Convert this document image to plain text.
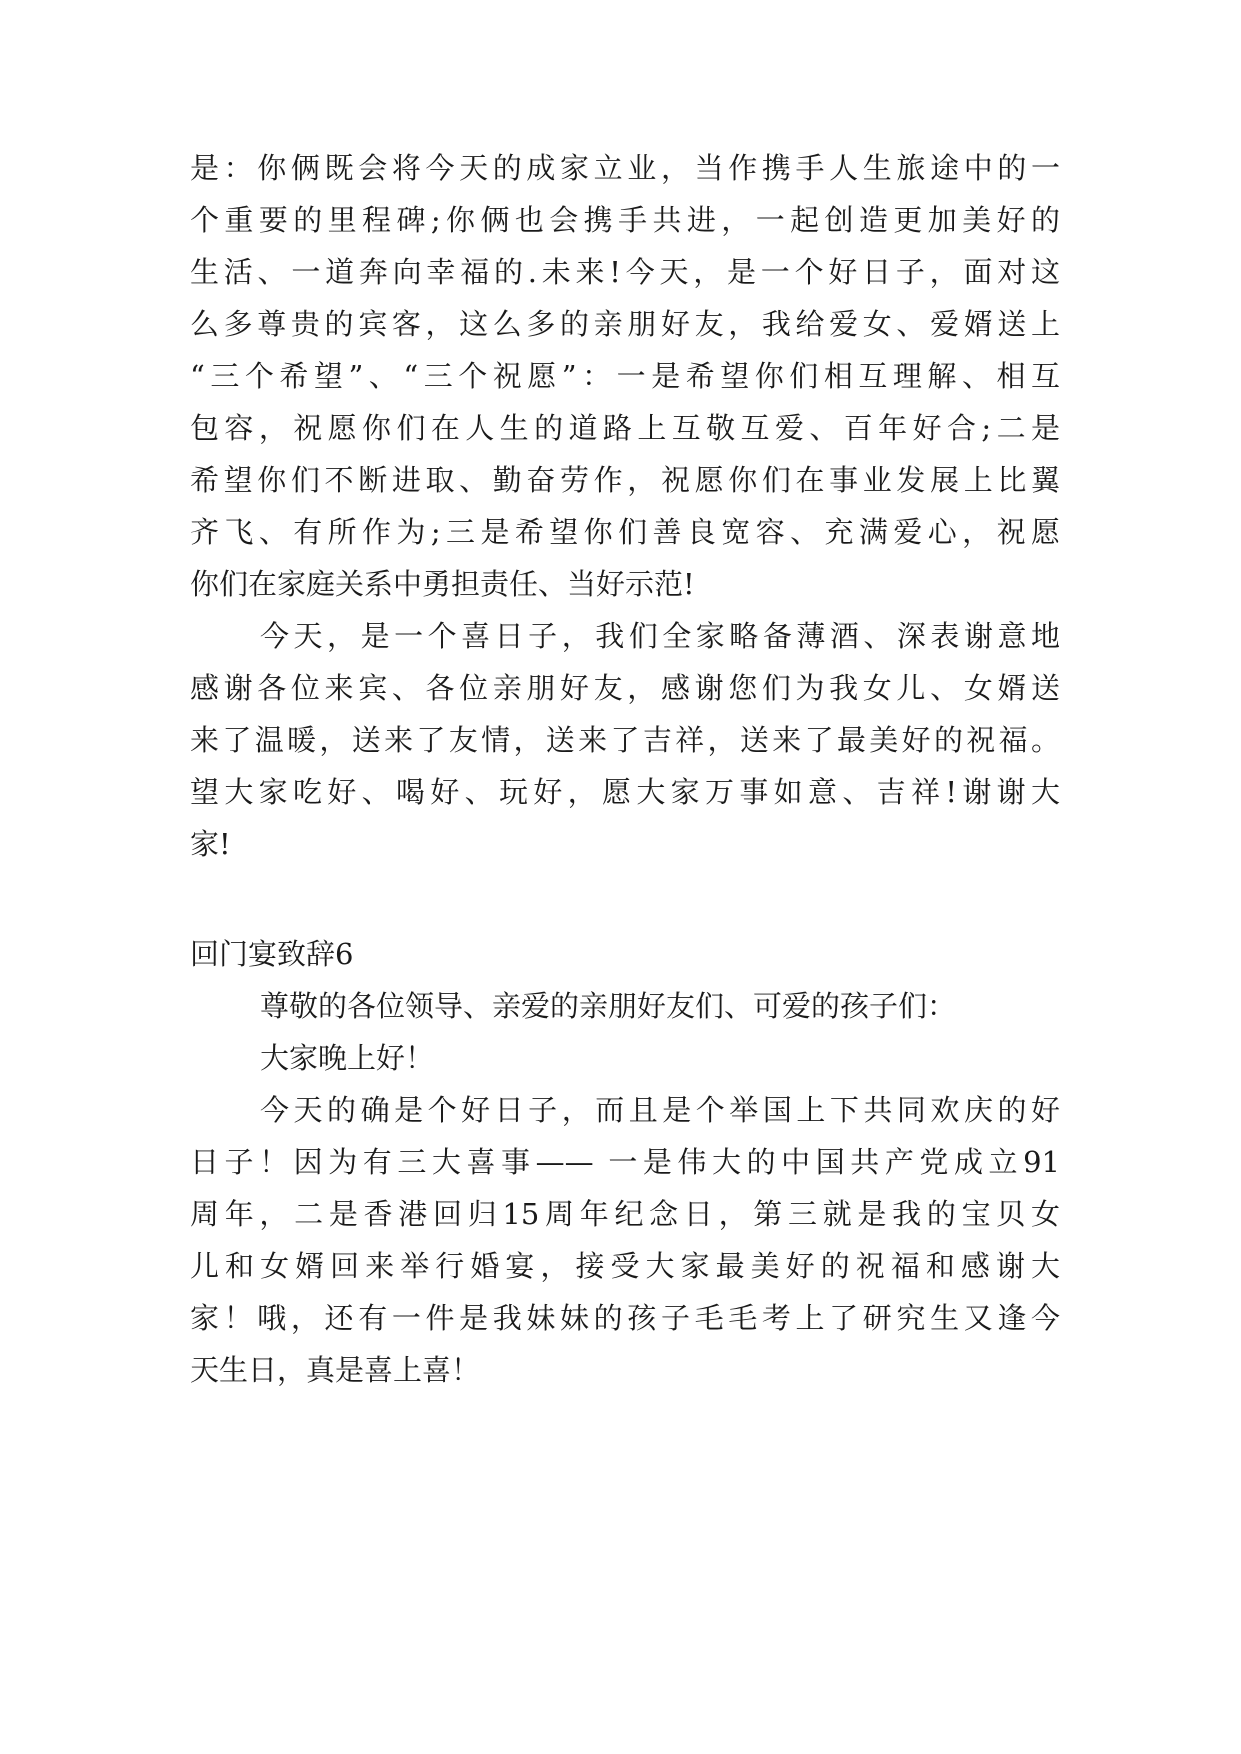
是：你俩既会将今天的成家立业，当作携手人生旅途中的一
个重要的里程碑;你俩也会携手共进，一起创造更加美好的
生活、一道奔向幸福的.未来!今天，是一个好日子，面对这
么多尊贵的宾客，这么多的亲朋好友，我给爱女、爱婿送上
“三个希望”、“三个祝愿”：一是希望你们相互理解、相互
包容，祝愿你们在人生的道路上互敬互爱、百年好合;二是
希望你们不断进取、勤奋劳作，祝愿你们在事业发展上比翼
齐飞、有所作为;三是希望你们善良宽容、充满爱心，祝愿
你们在家庭关系中勇担责任、当好示范!
今天，是一个喜日子，我们全家略备薄酒、深表谢意地
感谢各位来宾、各位亲朋好友，感谢您们为我女儿、女婿送
来了温暖，送来了友情，送来了吉祥，送来了最美好的祝福。
望大家吃好、喝好、玩好，愿大家万事如意、吉祥!谢谢大
家!
回门宴致辞6
尊敬的各位领导、亲爱的亲朋好友们、可爱的孩子们：
大家晚上好！
今天的确是个好日子，而且是个举国上下共同欢庆的好
日子！因为有三大喜事—— 一是伟大的中国共产党成立91
周年，二是香港回归15周年纪念日，第三就是我的宝贝女
儿和女婿回来举行婚宴，接受大家最美好的祝福和感谢大
家！哦，还有一件是我妹妹的孩子毛毛考上了研究生又逢今
天生日，真是喜上喜！
